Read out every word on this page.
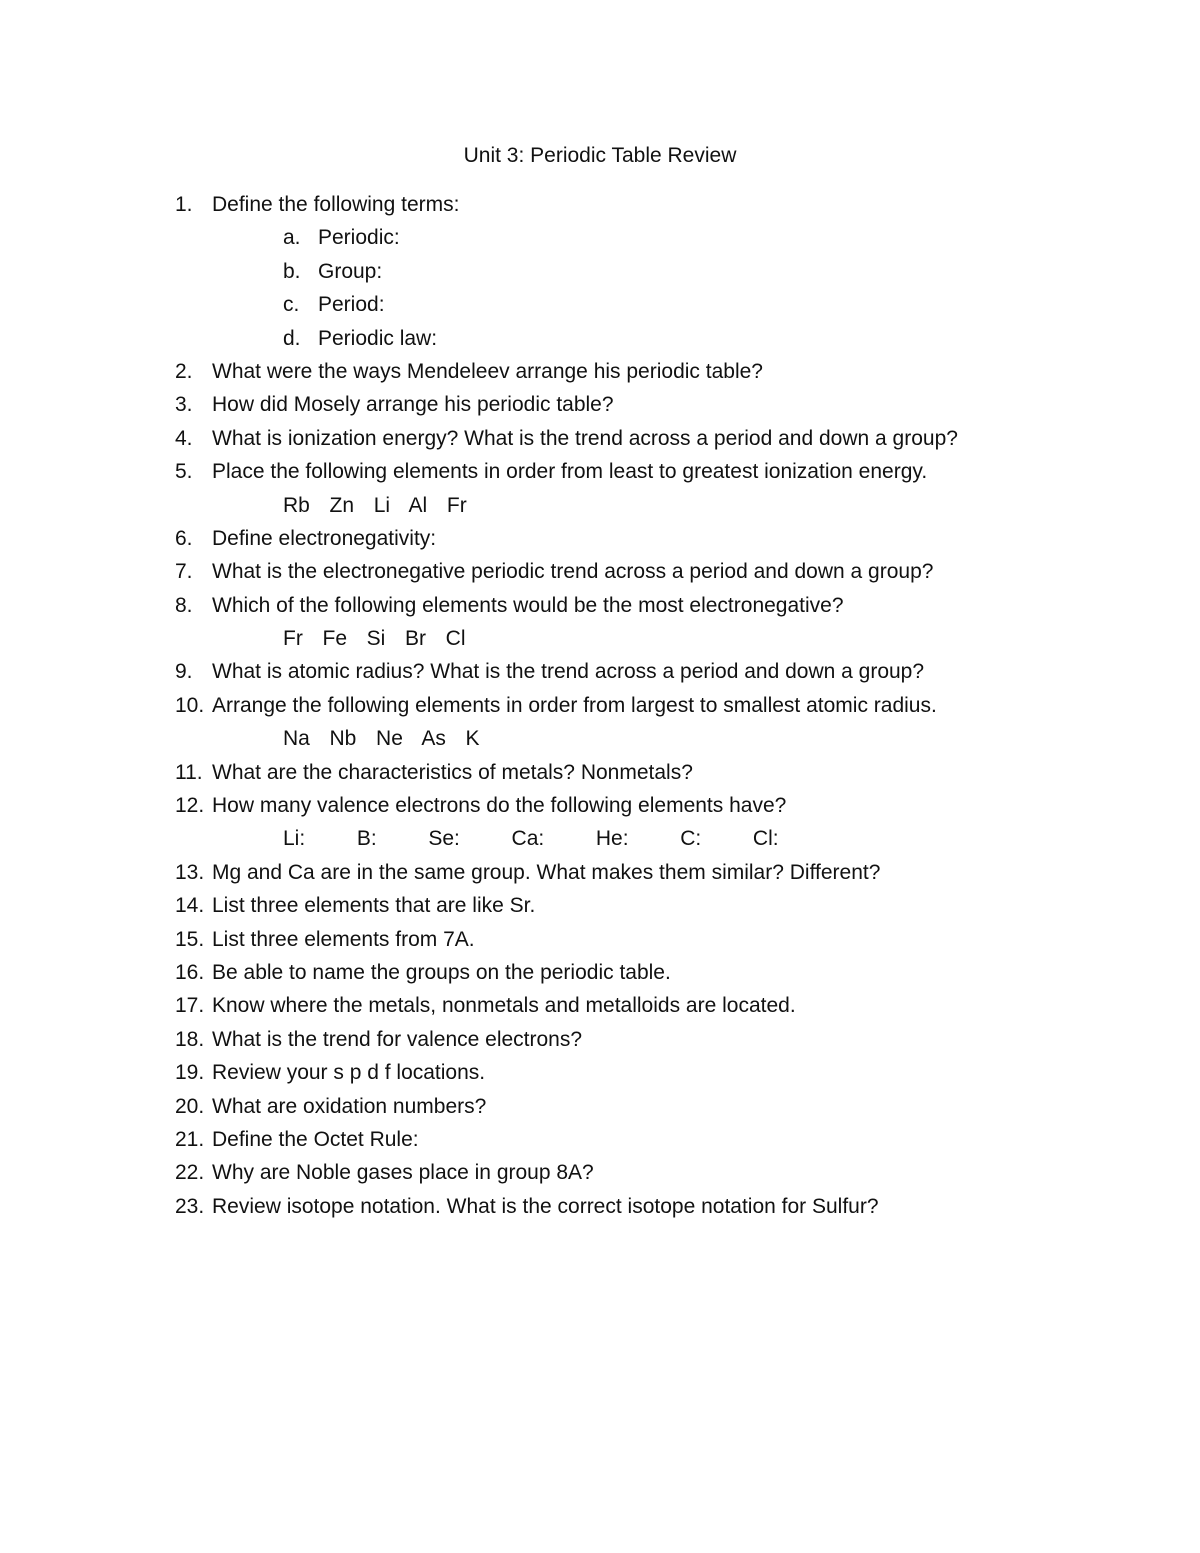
Unit 3: Periodic Table Review
1. Define the following terms:
a. Periodic:
b. Group:
c. Period:
d. Periodic law:
2. What were the ways Mendeleev arrange his periodic table?
3. How did Mosely arrange his periodic table?
4. What is ionization energy? What is the trend across a period and down a group?
5. Place the following elements in order from least to greatest ionization energy.
Rb  Zn  Li  Al  Fr
6. Define electronegativity:
7. What is the electronegative periodic trend across a period and down a group?
8. Which of the following elements would be the most electronegative?
Fr  Fe  Si  Br  Cl
9. What is atomic radius? What is the trend across a period and down a group?
10. Arrange the following elements in order from largest to smallest atomic radius.
Na  Nb  Ne  As  K
11. What are the characteristics of metals? Nonmetals?
12. How many valence electrons do the following elements have?
Li:  B:  Se:  Ca:  He:  C:  Cl:
13. Mg and Ca are in the same group. What makes them similar? Different?
14. List three elements that are like Sr.
15. List three elements from 7A.
16. Be able to name the groups on the periodic table.
17. Know where the metals, nonmetals and metalloids are located.
18. What is the trend for valence electrons?
19. Review your s p d f locations.
20. What are oxidation numbers?
21. Define the Octet Rule:
22. Why are Noble gases place in group 8A?
23. Review isotope notation. What is the correct isotope notation for Sulfur?
